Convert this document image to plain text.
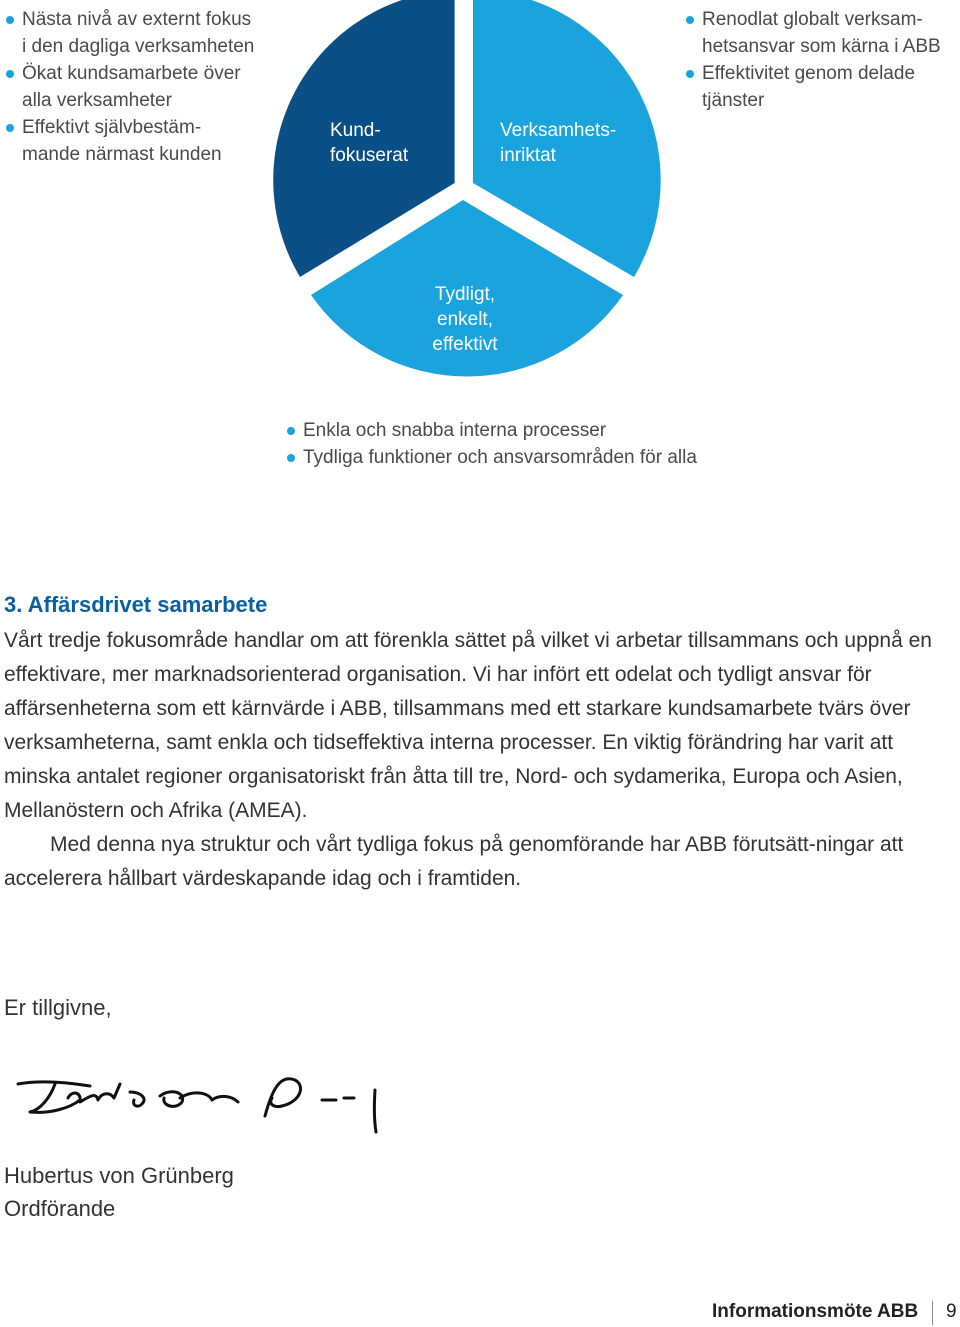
Nästa nivå av externt fokus i den dagliga verksamheten
Ökat kundsamarbete över alla verksamheter
Effektivt självbestäm- mande närmast kunden
Kund-
fokuserat
Verksamhets-
inriktat
Tydligt,
enkelt,
effektivt
Renodlat globalt verksam- hetsansvar som kärna i ABB
Effektivitet genom delade tjänster
Enkla och snabba interna processer
Tydliga funktioner och ansvarsområden för alla
3. Affärsdrivet samarbete

Vårt tredje fokusområde handlar om att förenkla sättet på vilket vi arbetar tillsammans och uppnå en effektivare, mer marknadsorienterad organisation. Vi har infört ett odelat och tydligt ansvar för affärsenheterna som ett kärnvärde i ABB, tillsammans med ett starkare kundsamarbete tvärs över verksamheterna, samt enkla och tidseffektiva interna processer. En viktig förändring har varit att minska antalet regioner organisatoriskt från åtta till tre, Nord- och sydamerika, Europa och Asien, Mellanöstern och Afrika (AMEA).

Med denna nya struktur och vårt tydliga fokus på genomförande har ABB förutsätt-ningar att accelerera hållbart värdeskapande idag och i framtiden.

Er tillgivne,
Hubertus von Grünberg
Ordförande
Informationsmöte ABB 9
